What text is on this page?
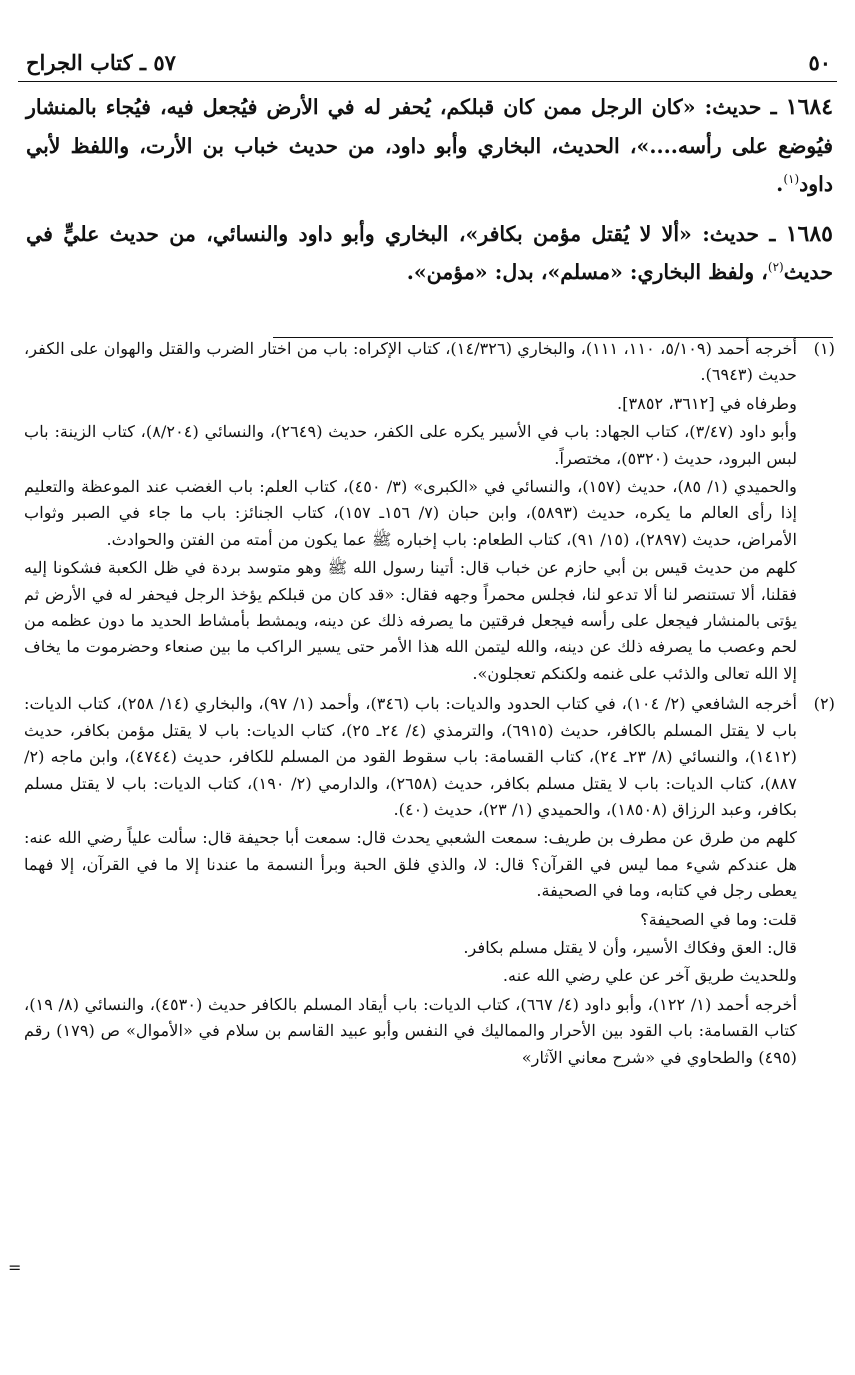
٥٠
٥٧ ـ كتاب الجراح

١٦٨٤ ـ حديث: «كان الرجل ممن كان قبلكم، يُحفر له في الأرض فيُجعل فيه، فيُجاء بالمنشار فيُوضع على رأسه....»، الحديث، البخاري وأبو داود، من حديث خباب بن الأرت، واللفظ لأبي داود$^{(١)}$.

١٦٨٥ ـ حديث: «ألا لا يُقتل مؤمن بكافر»، البخاري وأبو داود والنسائي، من حديث عليٍّ في حديث$^{(٢)}$، ولفظ البخاري: «مسلم»، بدل: «مؤمن».

(١)

أخرجه أحمد (٥/١٠٩، ١١٠، ١١١)، والبخاري (١٤/٣٢٦)، كتاب الإكراه: باب من اختار الضرب والقتل والهوان على الكفر، حديث (٦٩٤٣).

وطرفاه في [٣٦١٢، ٣٨٥٢].

وأبو داود (٣/٤٧)، كتاب الجهاد: باب في الأسير يكره على الكفر، حديث (٢٦٤٩)، والنسائي (٨/٢٠٤)، كتاب الزينة: باب لبس البرود، حديث (٥٣٢٠)، مختصراً.

والحميدي (١/ ٨٥)، حديث (١٥٧)، والنسائي في «الكبرى» (٣/ ٤٥٠)، كتاب العلم: باب الغضب عند الموعظة والتعليم إذا رأى العالم ما يكره، حديث (٥٨٩٣)، وابن حبان (٧/ ١٥٦ـ ١٥٧)، كتاب الجنائز: باب ما جاء في الصبر وثواب الأمراض، حديث (٢٨٩٧)، (١٥/ ٩١)، كتاب الطعام: باب إخباره ﷺ عما يكون من أمته من الفتن والحوادث.

كلهم من حديث قيس بن أبي حازم عن خباب قال: أتينا رسول الله ﷺ وهو متوسد بردة في ظل الكعبة فشكونا إليه فقلنا، ألا تستنصر لنا ألا تدعو لنا، فجلس محمراً وجهه فقال: «قد كان من قبلكم يؤخذ الرجل فيحفر له في الأرض ثم يؤتى بالمنشار فيجعل على رأسه فيجعل فرقتين ما يصرفه ذلك عن دينه، ويمشط بأمشاط الحديد ما دون عظمه من لحم وعصب ما يصرفه ذلك عن دينه، والله ليتمن الله هذا الأمر حتى يسير الراكب ما بين صنعاء وحضرموت ما يخاف إلا الله تعالى والذئب على غنمه ولكنكم تعجلون».

(٢)

أخرجه الشافعي (٢/ ١٠٤)، في كتاب الحدود والديات: باب (٣٤٦)، وأحمد (١/ ٩٧)، والبخاري (١٤/ ٢٥٨)، كتاب الديات: باب لا يقتل المسلم بالكافر، حديث (٦٩١٥)، والترمذي (٤/ ٢٤ـ ٢٥)، كتاب الديات: باب لا يقتل مؤمن بكافر، حديث (١٤١٢)، والنسائي (٨/ ٢٣ـ ٢٤)، كتاب القسامة: باب سقوط القود من المسلم للكافر، حديث (٤٧٤٤)، وابن ماجه (٢/ ٨٨٧)، كتاب الديات: باب لا يقتل مسلم بكافر، حديث (٢٦٥٨)، والدارمي (٢/ ١٩٠)، كتاب الديات: باب لا يقتل مسلم بكافر، وعبد الرزاق (١٨٥٠٨)، والحميدي (١/ ٢٣)، حديث (٤٠).

كلهم من طرق عن مطرف بن طريف: سمعت الشعبي يحدث قال: سمعت أبا جحيفة قال: سألت علياً رضي الله عنه: هل عندكم شيء مما ليس في القرآن؟ قال: لا، والذي فلق الحبة وبرأ النسمة ما عندنا إلا ما في القرآن، إلا فهما يعطى رجل في كتابه، وما في الصحيفة.

قلت: وما في الصحيفة؟

قال: العق وفكاك الأسير، وأن لا يقتل مسلم بكافر.

وللحديث طريق آخر عن علي رضي الله عنه.

أخرجه أحمد (١/ ١٢٢)، وأبو داود (٤/ ٦٦٧)، كتاب الديات: باب أيقاد المسلم بالكافر حديث (٤٥٣٠)، والنسائي (٨/ ١٩)، كتاب القسامة: باب القود بين الأحرار والمماليك في النفس وأبو عبيد القاسم بن سلام في «الأموال» ص (١٧٩) رقم (٤٩٥) والطحاوي في «شرح معاني الآثار»

=
